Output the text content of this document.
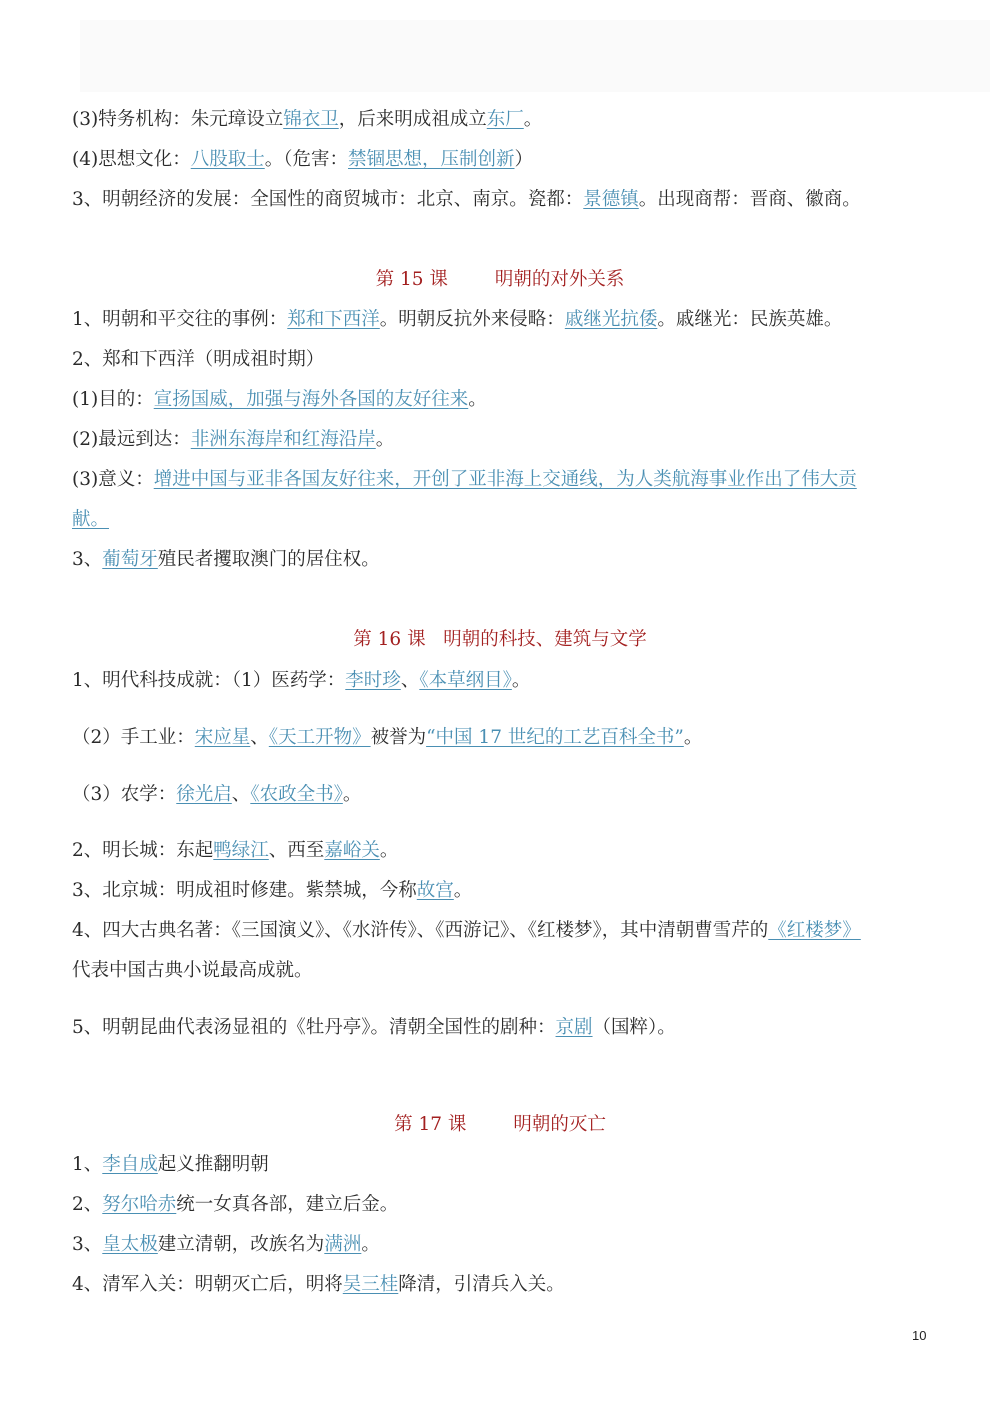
(3)特务机构：朱元璋设立锦衣卫，后来明成祖成立东厂。
(4)思想文化：八股取士。（危害：禁锢思想，压制创新）
3、明朝经济的发展：全国性的商贸城市：北京、南京。瓷都：景德镇。出现商帮：晋商、徽商。
第 15 课        明朝的对外关系
1、明朝和平交往的事例：郑和下西洋。明朝反抗外来侵略：戚继光抗倭。戚继光：民族英雄。
2、郑和下西洋（明成祖时期）
(1)目的：宣扬国威，加强与海外各国的友好往来。
(2)最远到达：非洲东海岸和红海沿岸。
(3)意义：增进中国与亚非各国友好往来，开创了亚非海上交通线，为人类航海事业作出了伟大贡
献。
3、葡萄牙殖民者攫取澳门的居住权。
第 16 课   明朝的科技、建筑与文学
1、明代科技成就：（1）医药学：李时珍、《本草纲目》。
（2）手工业：宋应星、《天工开物》被誉为“中国 17 世纪的工艺百科全书”。
（3）农学：徐光启、《农政全书》。
2、明长城：东起鸭绿江、西至嘉峪关。
3、北京城：明成祖时修建。紫禁城，今称故宫。
4、四大古典名著：《三国演义》、《水浒传》、《西游记》、《红楼梦》，其中清朝曹雪芹的《红楼梦》
代表中国古典小说最高成就。
5、明朝昆曲代表汤显祖的《牡丹亭》。清朝全国性的剧种：京剧（国粹）。
第 17 课        明朝的灭亡
1、李自成起义推翻明朝
2、努尔哈赤统一女真各部，建立后金。
3、皇太极建立清朝，改族名为满洲。
4、清军入关：明朝灭亡后，明将吴三桂降清，引清兵入关。
10
